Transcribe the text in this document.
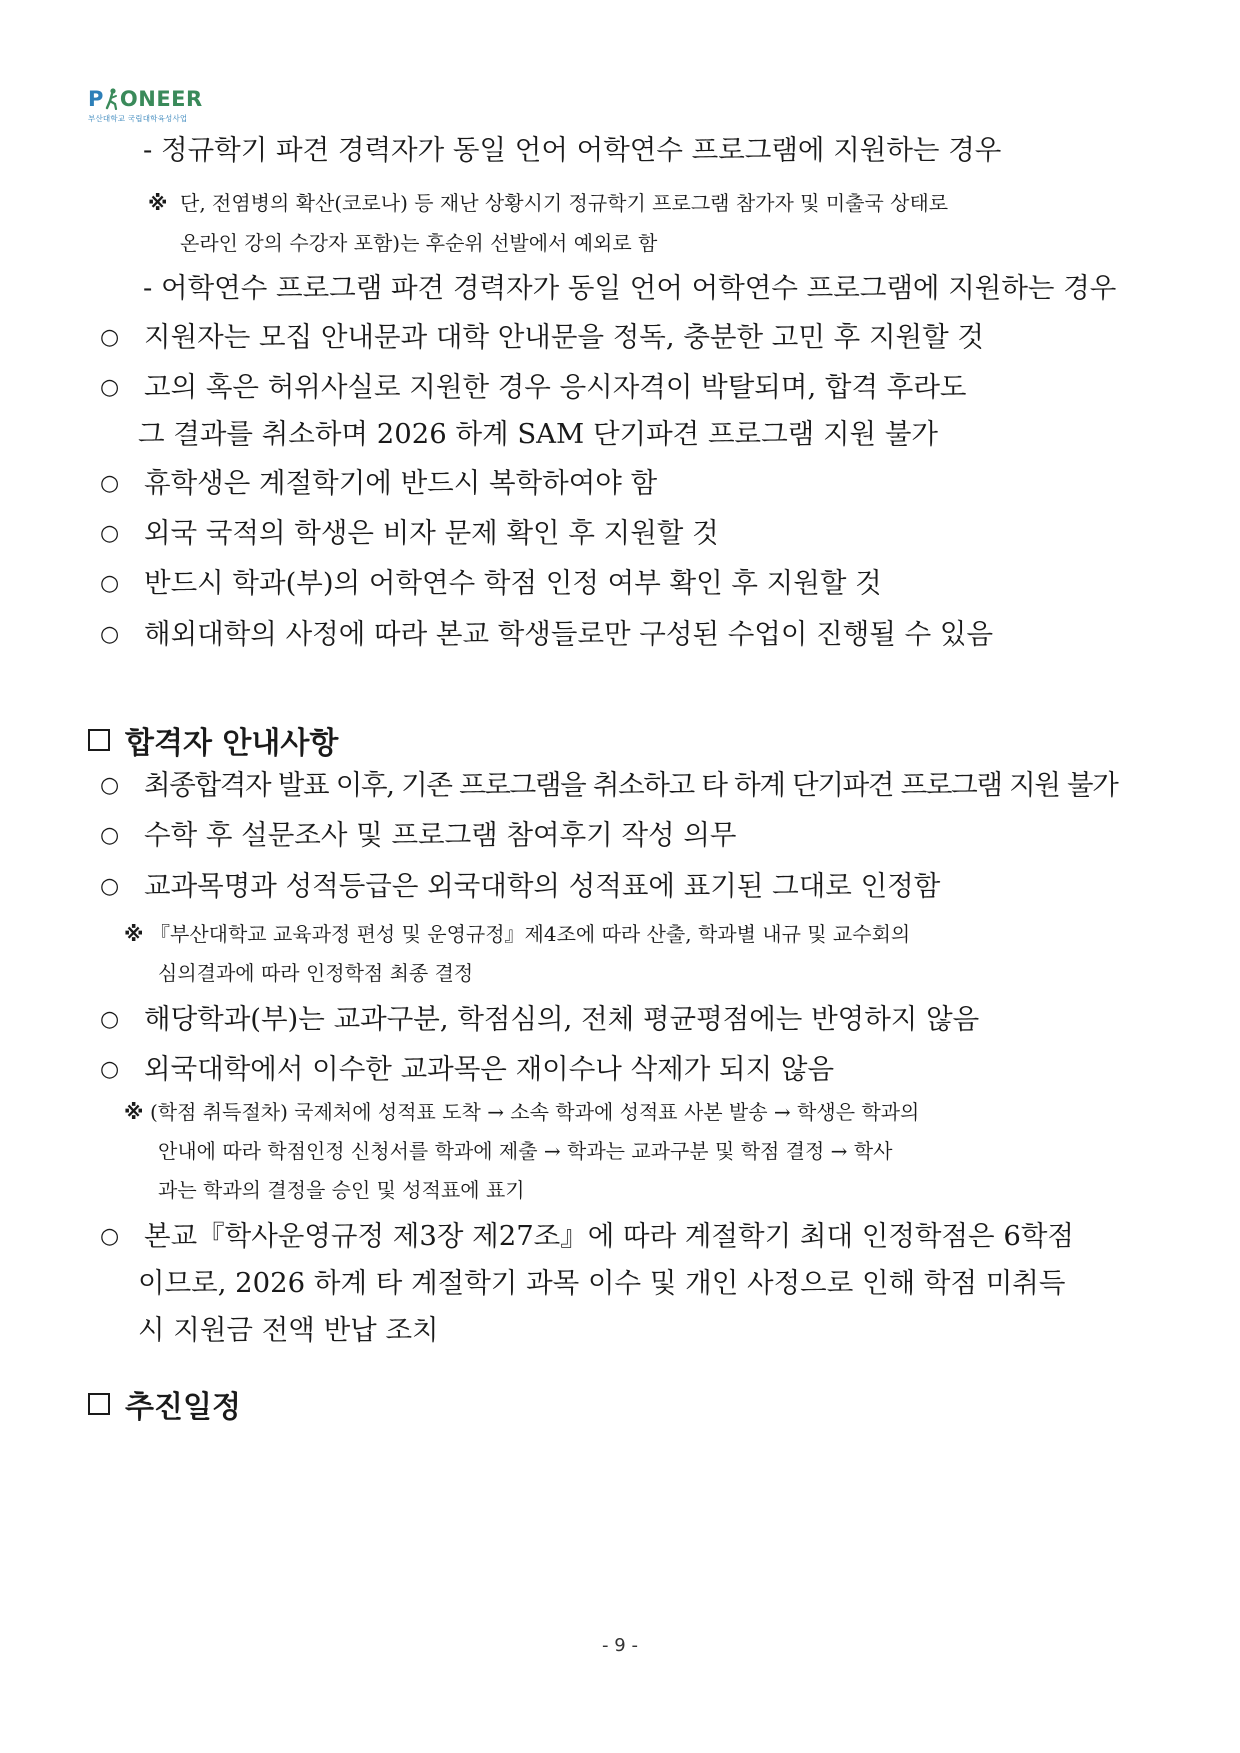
P ONEER
부산대학교 국립대학육성사업
- 정규학기 파견 경력자가 동일 언어 어학연수 프로그램에 지원하는 경우
※ 단, 전염병의 확산(코로나) 등 재난 상황시기 정규학기 프로그램 참가자 및 미출국 상태로
온라인 강의 수강자 포함)는 후순위 선발에서 예외로 함
- 어학연수 프로그램 파견 경력자가 동일 언어 어학연수 프로그램에 지원하는 경우
○ 지원자는 모집 안내문과 대학 안내문을 정독, 충분한 고민 후 지원할 것
○ 고의 혹은 허위사실로 지원한 경우 응시자격이 박탈되며, 합격 후라도
그 결과를 취소하며 2026 하계 SAM 단기파견 프로그램 지원 불가
○ 휴학생은 계절학기에 반드시 복학하여야 함
○ 외국 국적의 학생은 비자 문제 확인 후 지원할 것
○ 반드시 학과(부)의 어학연수 학점 인정 여부 확인 후 지원할 것
○ 해외대학의 사정에 따라 본교 학생들로만 구성된 수업이 진행될 수 있음
합격자 안내사항
○ 최종합격자 발표 이후, 기존 프로그램을 취소하고 타 하계 단기파견 프로그램 지원 불가
○ 수학 후 설문조사 및 프로그램 참여후기 작성 의무
○ 교과목명과 성적등급은 외국대학의 성적표에 표기된 그대로 인정함
※ 『부산대학교 교육과정 편성 및 운영규정』제4조에 따라 산출, 학과별 내규 및 교수회의
심의결과에 따라 인정학점 최종 결정
○ 해당학과(부)는 교과구분, 학점심의, 전체 평균평점에는 반영하지 않음
○ 외국대학에서 이수한 교과목은 재이수나 삭제가 되지 않음
※ (학점 취득절차) 국제처에 성적표 도착 → 소속 학과에 성적표 사본 발송 → 학생은 학과의
안내에 따라 학점인정 신청서를 학과에 제출 → 학과는 교과구분 및 학점 결정 → 학사
과는 학과의 결정을 승인 및 성적표에 표기
○ 본교『학사운영규정 제3장 제27조』에 따라 계절학기 최대 인정학점은 6학점
이므로, 2026 하계 타 계절학기 과목 이수 및 개인 사정으로 인해 학점 미취득
시 지원금 전액 반납 조치
추진일정
- 9 -
